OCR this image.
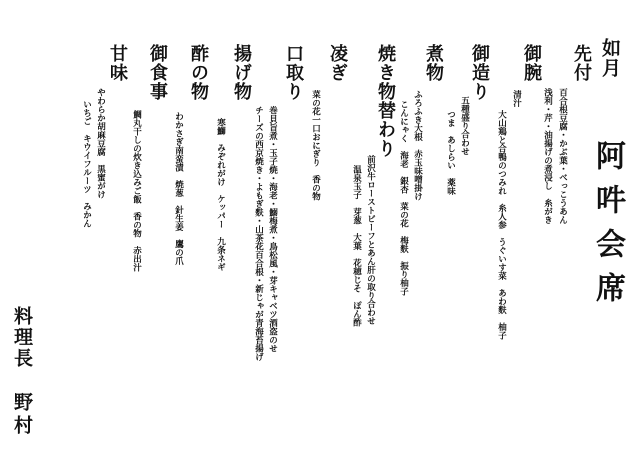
如月
先付
百合根豆腐・かぶ葉・べっこうあん
浅利・芹・油揚げの煮浸し　糸がき
御腕
清汁
大山鶏と合鴨のつみれ　糸人参　うぐいす菜　あわ麩　柚子
御造り
五種盛り合わせ
つま　あしらい　薬味
煮物
ふろふき大根　赤玉味噌掛け
こんにゃく　海老　銀杏　菜の花　梅麩　振り柚子
焼き物替わり
前沢牛ローストビーフとあん肝の取り合わせ
温泉玉子　芽葱　大葉　花穂じそ　ぽん酢
凌ぎ
菜の花一口おにぎり　香の物
口取り
巻貝旨煮・玉子焼・海老・鰯梅煮・鳥松風・芽キャベツ酒盗のせ
チーズの西京焼き・よもぎ麩・山茶花百合根・新じゃが青海苔揚げ
揚げ物
寒鰤　みぞれがけ　ケッパー　九条ネギ
酢の物
わかさぎ南蛮漬　焼葱　針生姜　鷹の爪
御食事
鯛丸干しの炊き込みご飯　香の物　赤出汁
甘味
やわらか胡麻豆腐　黒蜜がけ
いちご　キウイフルーツ　みかん	阿吽会席
料理長
野村
